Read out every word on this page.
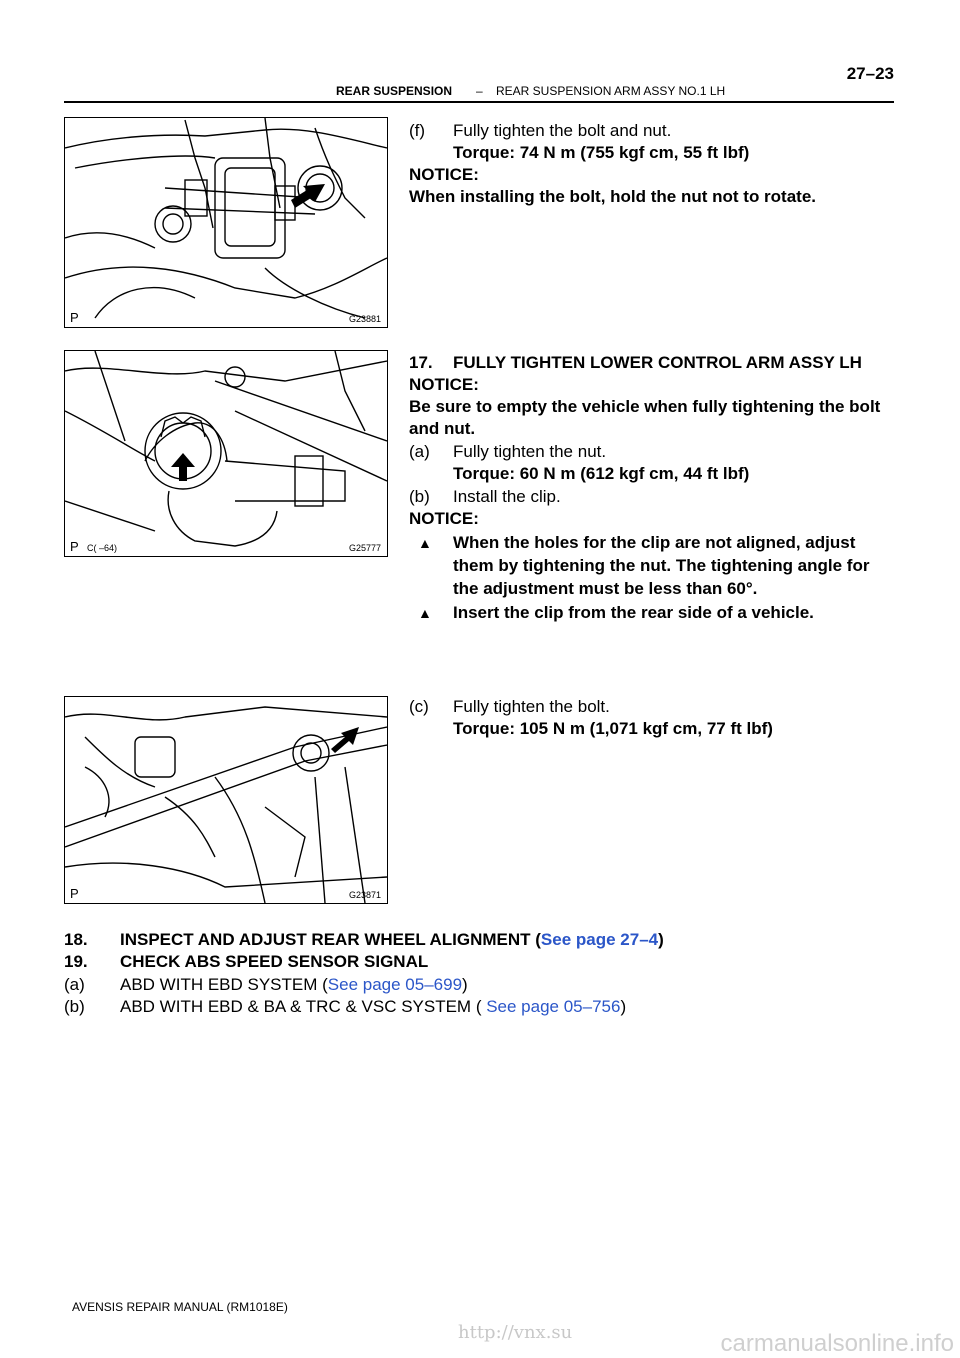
REAR SUSPENSION – REAR SUSPENSION ARM ASSY NO.1 LH
27–23
P	G23881
P C( –64)	G25777
P	G23871
(f) Fully tighten the bolt and nut.
Torque: 74 N m (755 kgf cm, 55 ft lbf)
NOTICE:
When installing the bolt, hold the nut not to rotate.
17. FULLY TIGHTEN LOWER CONTROL ARM ASSY LH
NOTICE:
Be sure to empty the vehicle when fully tightening the bolt
and nut.
(a) Fully tighten the nut.
Torque: 60 N m (612 kgf cm, 44 ft lbf)
(b) Install the clip.
NOTICE:
▲ When the holes for the clip are not aligned, adjust
them by tightening the nut. The tightening angle for
the adjustment must be less than 60°.
▲ Insert the clip from the rear side of a vehicle.
(c) Fully tighten the bolt.
Torque: 105 N m (1,071 kgf cm, 77 ft lbf)
18. INSPECT AND ADJUST REAR WHEEL ALIGNMENT (See page 27–4)
19. CHECK ABS SPEED SENSOR SIGNAL
(a) ABD WITH EBD SYSTEM (See page 05–699)
(b) ABD WITH EBD & BA & TRC & VSC SYSTEM ( See page 05–756)
AVENSIS REPAIR MANUAL (RM1018E)
http://vnx.su	carmanualsonline.info
